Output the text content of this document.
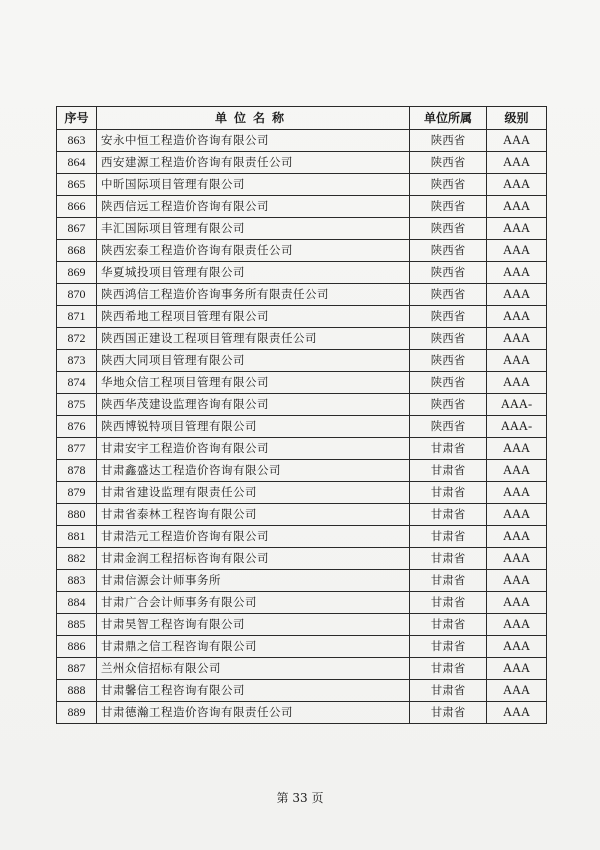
序号	单位名称	单位所属	级别
863	安永中恒工程造价咨询有限公司	陕西省	AAA
864	西安建源工程造价咨询有限责任公司	陕西省	AAA
865	中昕国际项目管理有限公司	陕西省	AAA
866	陕西信远工程造价咨询有限公司	陕西省	AAA
867	丰汇国际项目管理有限公司	陕西省	AAA
868	陕西宏泰工程造价咨询有限责任公司	陕西省	AAA
869	华夏城投项目管理有限公司	陕西省	AAA
870	陕西鸿信工程造价咨询事务所有限责任公司	陕西省	AAA
871	陕西希地工程项目管理有限公司	陕西省	AAA
872	陕西国正建设工程项目管理有限责任公司	陕西省	AAA
873	陕西大同项目管理有限公司	陕西省	AAA
874	华地众信工程项目管理有限公司	陕西省	AAA
875	陕西华茂建设监理咨询有限公司	陕西省	AAA-
876	陕西博锐特项目管理有限公司	陕西省	AAA-
877	甘肃安宇工程造价咨询有限公司	甘肃省	AAA
878	甘肃鑫盛达工程造价咨询有限公司	甘肃省	AAA
879	甘肃省建设监理有限责任公司	甘肃省	AAA
880	甘肃省泰林工程咨询有限公司	甘肃省	AAA
881	甘肃浩元工程造价咨询有限公司	甘肃省	AAA
882	甘肃金润工程招标咨询有限公司	甘肃省	AAA
883	甘肃信源会计师事务所	甘肃省	AAA
884	甘肃广合会计师事务有限公司	甘肃省	AAA
885	甘肃昊智工程咨询有限公司	甘肃省	AAA
886	甘肃鼎之信工程咨询有限公司	甘肃省	AAA
887	兰州众信招标有限公司	甘肃省	AAA
888	甘肃馨信工程咨询有限公司	甘肃省	AAA
889	甘肃德瀚工程造价咨询有限责任公司	甘肃省	AAA
第 33 页
